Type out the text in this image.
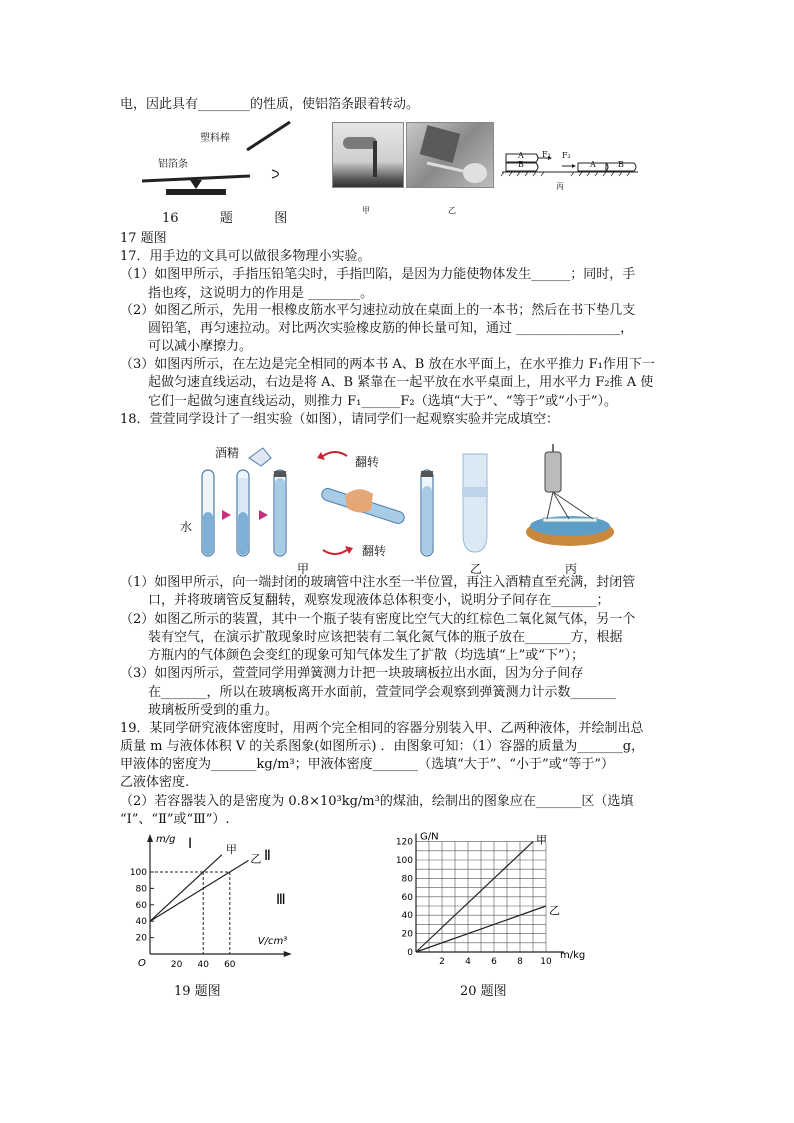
电，因此具有________的性质，使铝箔条跟着转动。
塑料棒
铝箔条
16          题          图
甲	乙
A
B
F₁ F₂
A	B
丙
17 题图
17．用手边的文具可以做很多物理小实验。
（1）如图甲所示，手指压铅笔尖时，手指凹陷，是因为力能使物体发生______；同时，手
指也疼，这说明力的作用是 ________。
（2）如图乙所示，先用一根橡皮筋水平匀速拉动放在桌面上的一本书；然后在书下垫几支
圆铅笔，再匀速拉动。对比两次实验橡皮筋的伸长量可知，通过 ________________，
可以减小摩擦力。
（3）如图丙所示，在左边是完全相同的两本书 A、B 放在水平面上，在水平推力 F₁作用下一
起做匀速直线运动，右边是将 A、B 紧靠在一起平放在水平桌面上，用水平力 F₂推 A 使
它们一起做匀速直线运动，则推力 F₁______F₂（选填“大于”、“等于”或“小于”）。
18．萱萱同学设计了一组实验（如图），请同学们一起观察实验并完成填空：
酒精
水
翻转
翻转
甲	乙	丙
（1）如图甲所示，向一端封闭的玻璃管中注水至一半位置，再注入酒精直至充满，封闭管
口，并将玻璃管反复翻转，观察发现液体总体积变小，说明分子间存在_______；
（2）如图乙所示的装置，其中一个瓶子装有密度比空气大的红棕色二氧化氮气体，另一个
装有空气，在演示扩散现象时应该把装有二氧化氮气体的瓶子放在_______方，根据
方瓶内的气体颜色会变红的现象可知气体发生了扩散（均选填“上”或“下”）；
（3）如图丙所示，萱萱同学用弹簧测力计把一块玻璃板拉出水面，因为分子间存
在_______，所以在玻璃板离开水面前，萱萱同学会观察到弹簧测力计示数_______
玻璃板所受到的重力。
19．某同学研究液体密度时，用两个完全相同的容器分别装入甲、乙两种液体，并绘制出总
质量 m 与液体体积 V 的关系图象(如图所示) ．由图象可知：（1）容器的质量为_______g，
甲液体的密度为_______kg/m³；甲液体密度_______（选填“大于”、“小于”或“等于”）
乙液体密度.
（2）若容器装入的是密度为 0.8×10³kg/m³的煤油，绘制出的图象应在_______区（选填
“Ⅰ”、“Ⅱ”或“Ⅲ”）.
m/g
V/cm³
O
20
40
60
80
100
20 40 60
甲
乙
Ⅰ
Ⅱ
Ⅲ
19 题图
G/N
m/kg
0
20
40
60
80
100
120
2 4 6 8 10
甲
乙
20 题图
